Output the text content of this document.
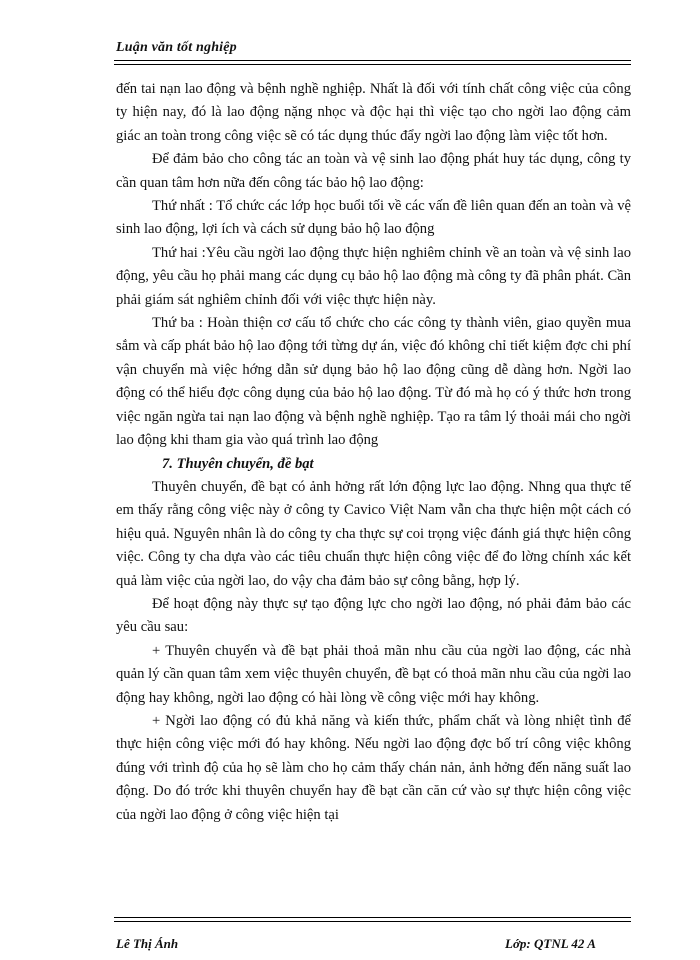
Luận văn tốt nghiệp

đến tai nạn lao động và bệnh nghề nghiệp. Nhất là đối với tính chất công việc của công ty hiện nay, đó là lao động nặng nhọc và độc hại thì việc tạo cho ngời lao động cảm giác an toàn trong công việc sẽ có tác dụng thúc đẩy ngời lao động làm việc tốt hơn.

Để đảm bảo cho công tác an toàn và vệ sinh lao động phát huy tác dụng, công ty cần quan tâm hơn nữa đến công tác bảo hộ lao động:

Thứ nhất : Tổ chức các lớp học buổi tối về các vấn đề liên quan đến an toàn và vệ sinh lao động, lợi ích và cách sử dụng bảo hộ lao động

Thứ hai :Yêu cầu ngời lao động thực hiện nghiêm chỉnh về an toàn và vệ sinh lao động, yêu cầu họ phải mang các dụng cụ bảo hộ lao động mà công ty đã phân phát. Cần phải giám sát nghiêm chỉnh đối với việc thực hiện này.

Thứ ba : Hoàn thiện cơ cấu tổ chức cho các công ty thành viên, giao quyền mua sắm và cấp phát bảo hộ lao động tới từng dự án, việc đó không chỉ tiết kiệm đợc chi phí vận chuyển mà việc hớng dẫn sử dụng bảo hộ lao động cũng dễ dàng hơn. Ngời lao động có thể hiểu đợc công dụng của bảo hộ lao động. Từ đó mà họ có ý thức hơn trong việc ngăn ngừa tai nạn lao động và bệnh nghề nghiệp. Tạo ra tâm lý thoải mái cho ngời lao động khi tham gia vào quá trình lao động

7. Thuyên chuyển, đề bạt

Thuyên chuyển, đề bạt có ảnh hởng rất lớn động lực lao động. Nhng qua thực tế em thấy rằng công việc này ở công ty Cavico Việt Nam vẫn cha thực hiện một cách có hiệu quả. Nguyên nhân là do công ty cha thực sự coi trọng việc đánh giá thực hiện công việc. Công ty cha dựa vào các tiêu chuẩn thực hiện công việc để đo lờng chính xác kết quả làm việc của ngời lao, do vậy cha đảm bảo sự công bằng, hợp lý.

Để hoạt động này thực sự tạo động lực cho ngời lao động, nó phải đảm bảo các yêu cầu sau:

+ Thuyên chuyển và đề bạt phải thoả mãn nhu cầu của ngời lao động, các nhà quản lý cần quan tâm xem việc thuyên chuyển, đề bạt có thoả mãn nhu cầu của ngời lao động hay không, ngời lao động có hài lòng về công việc mới hay không.

+ Ngời lao động có đủ khả năng và kiến thức, phẩm chất và lòng nhiệt tình để thực hiện công việc mới đó hay không. Nếu ngời lao động đợc bố trí công việc không đúng với trình độ của họ sẽ làm cho họ cảm thấy chán nản, ảnh hởng đến năng suất lao động. Do đó trớc khi thuyên chuyển hay đề bạt cần căn cứ vào sự thực hiện công việc của ngời lao động ở công việc hiện tại

Lê Thị Ánh	Lớp: QTNL 42 A
